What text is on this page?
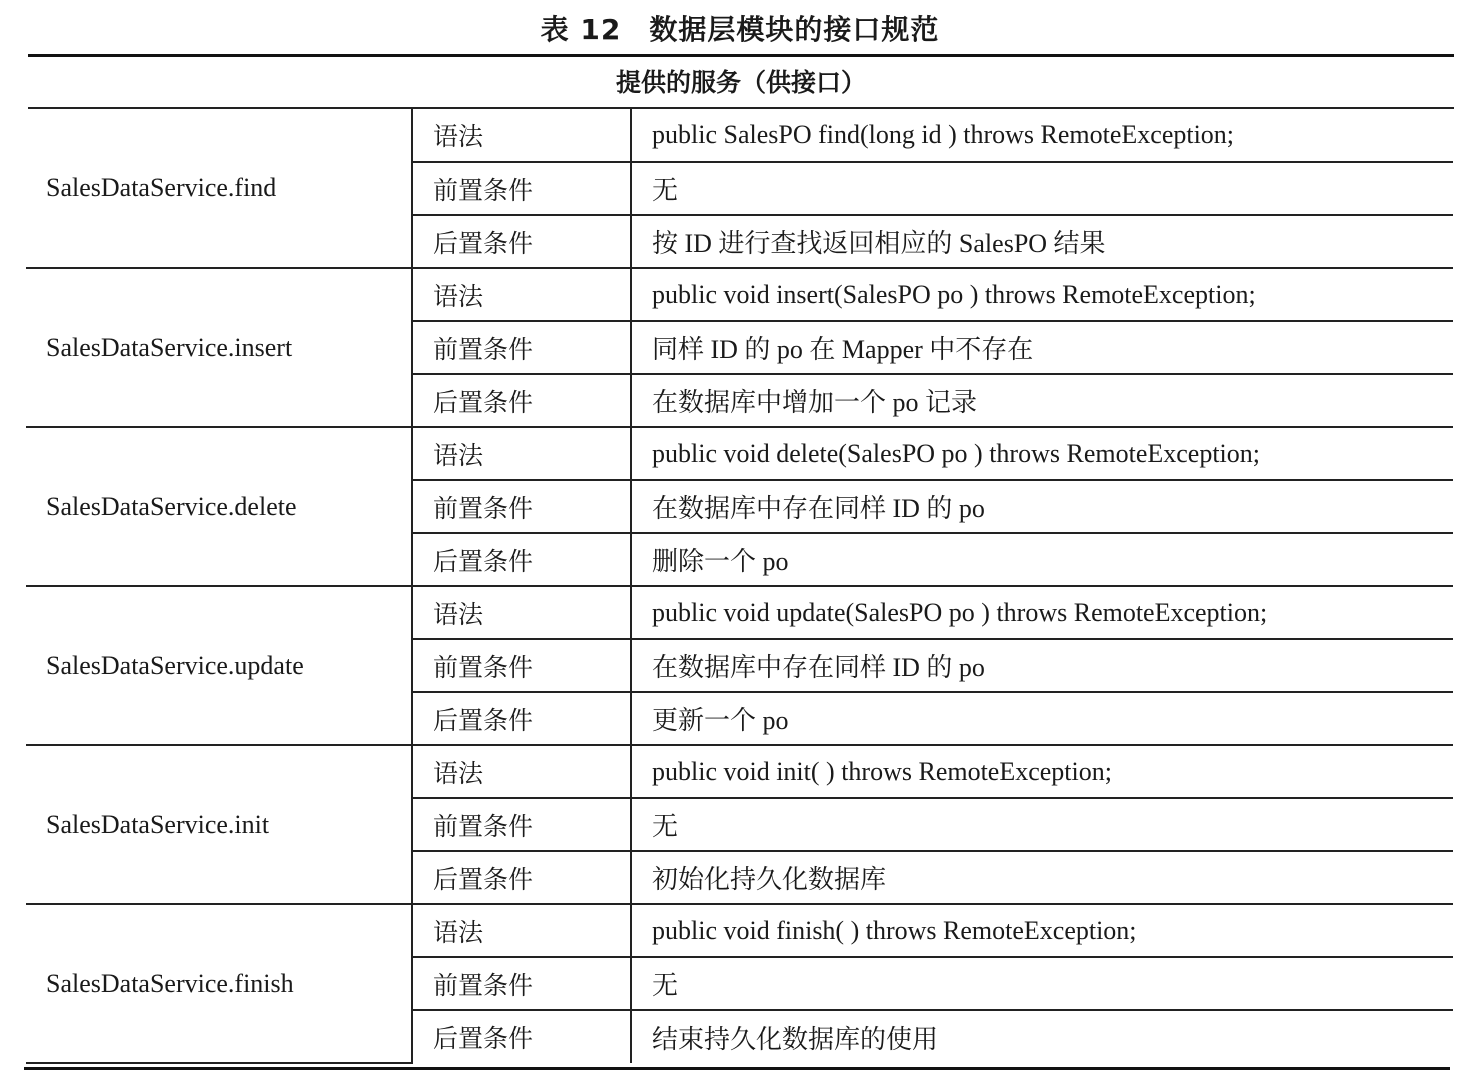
表 12 数据层模块的接口规范
提供的服务（供接口）
SalesDataService.find	语法	public SalesPO find(long id ) throws RemoteException;
	前置条件	无
	后置条件	按 ID 进行查找返回相应的 SalesPO 结果
SalesDataService.insert	语法	public void insert(SalesPO po ) throws RemoteException;
	前置条件	同样 ID 的 po 在 Mapper 中不存在
	后置条件	在数据库中增加一个 po 记录
SalesDataService.delete	语法	public void delete(SalesPO po ) throws RemoteException;
	前置条件	在数据库中存在同样 ID 的 po
	后置条件	删除一个 po
SalesDataService.update	语法	public void update(SalesPO po ) throws RemoteException;
	前置条件	在数据库中存在同样 ID 的 po
	后置条件	更新一个 po
SalesDataService.init	语法	public void init( ) throws RemoteException;
	前置条件	无
	后置条件	初始化持久化数据库
SalesDataService.finish	语法	public void finish( ) throws RemoteException;
	前置条件	无
	后置条件	结束持久化数据库的使用
